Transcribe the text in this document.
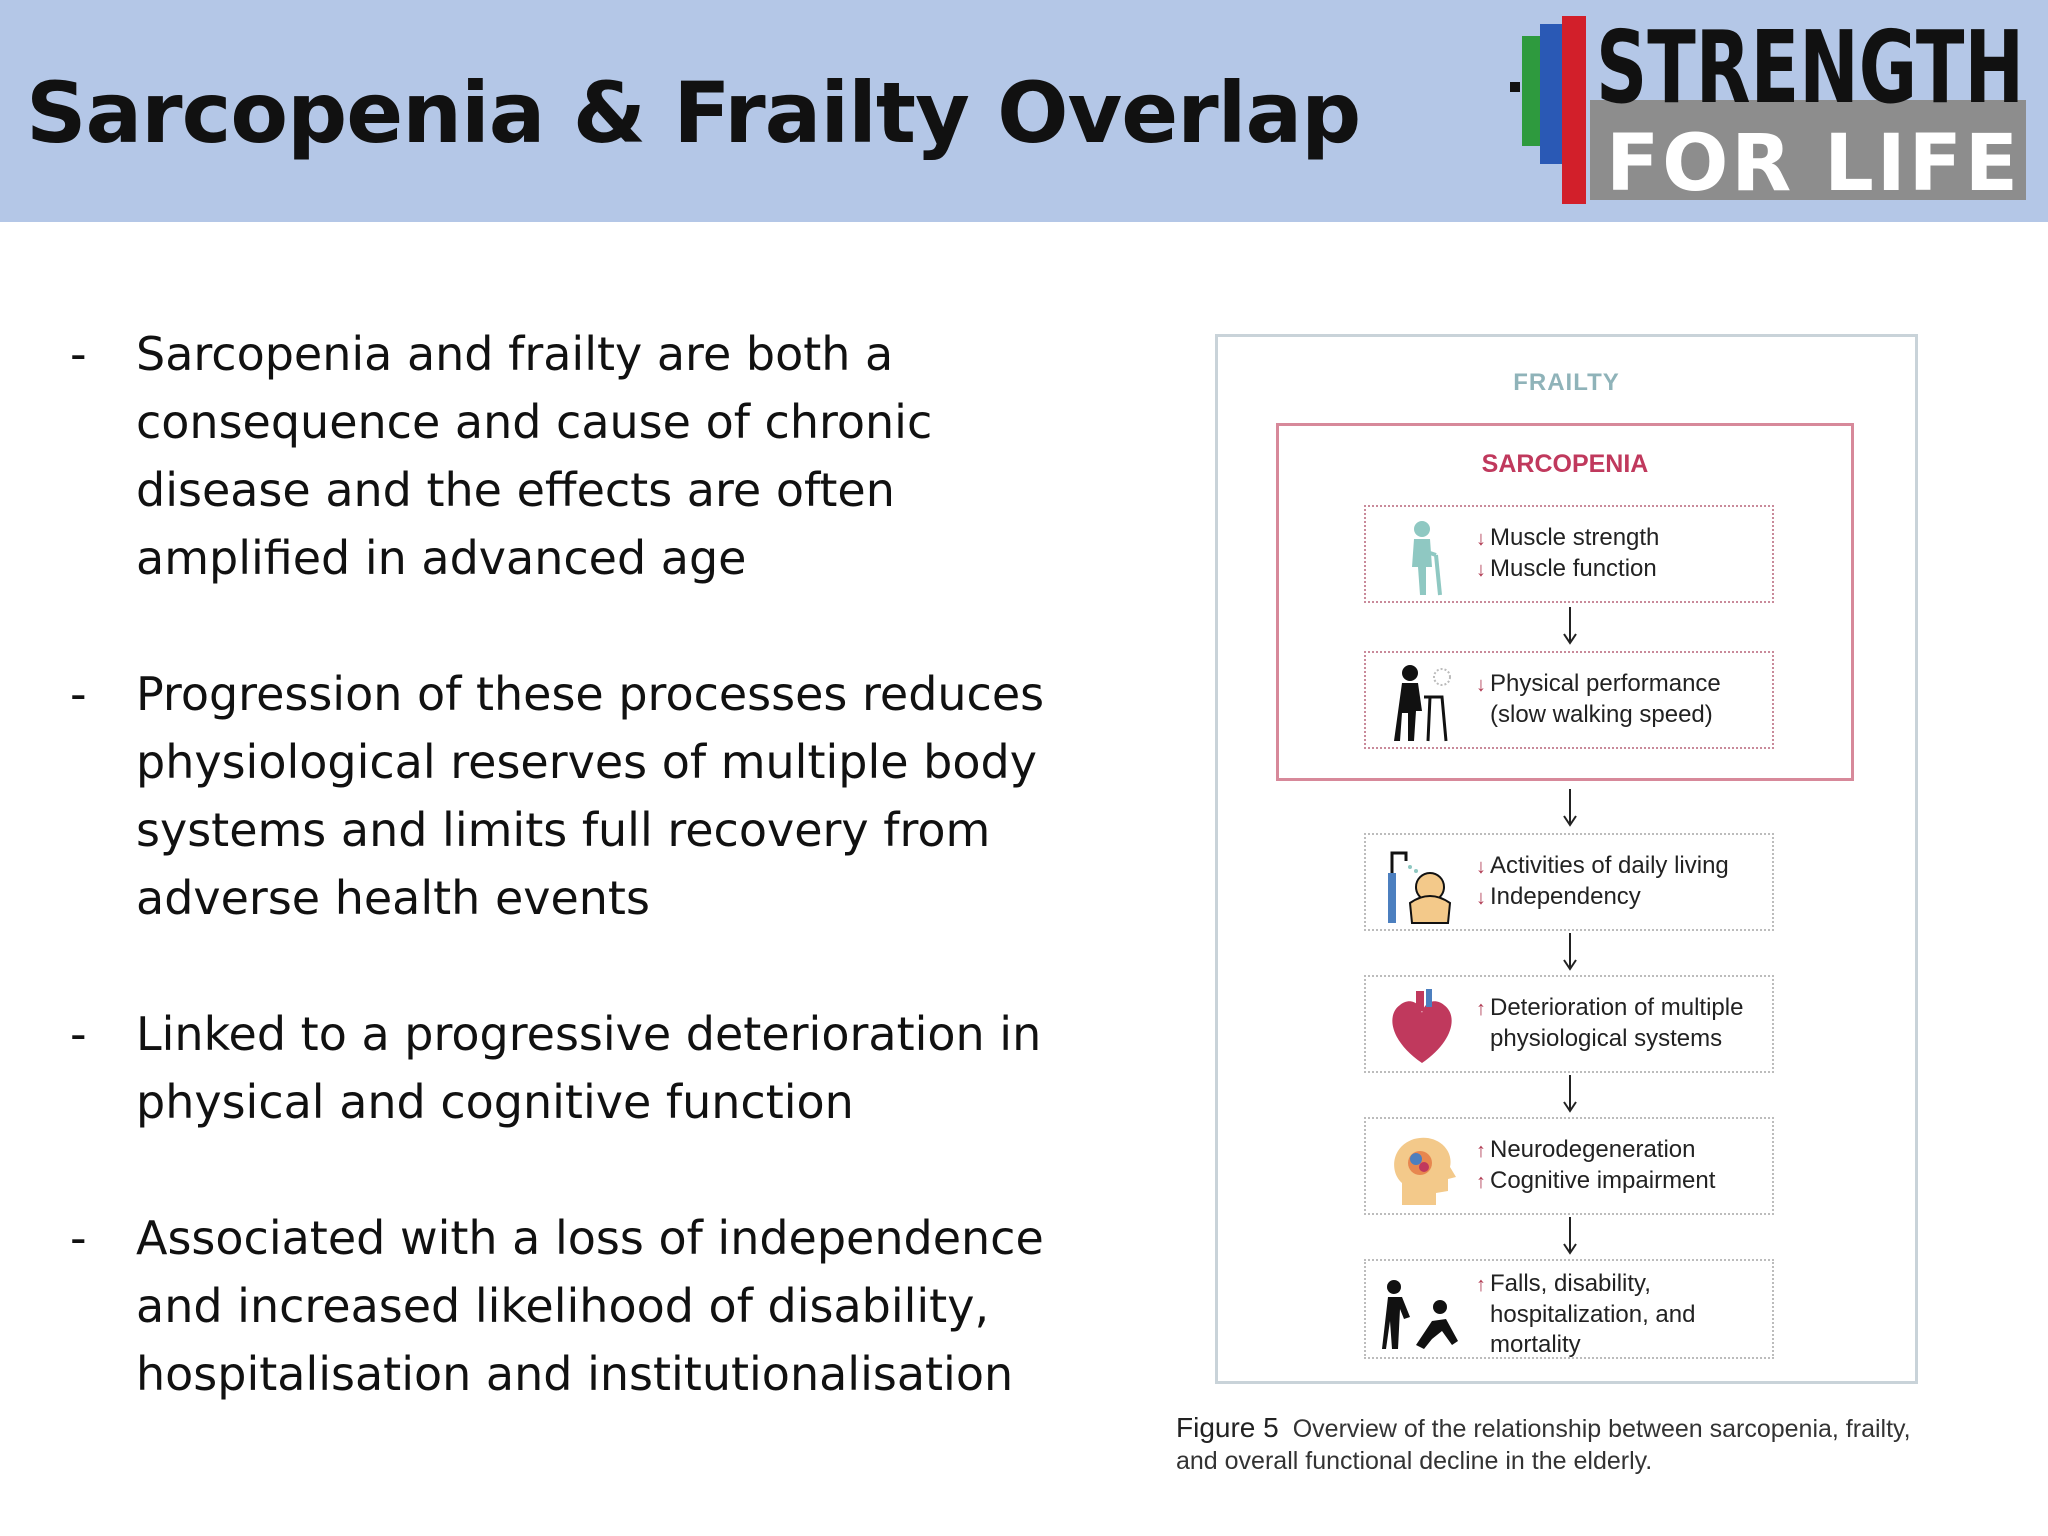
Sarcopenia & Frailty Overlap STRENGTH
FOR LIFE
- Sarcopenia and frailty are both a consequence and cause of chronic disease and the effects are often amplified in advanced age
- Progression of these processes reduces physiological reserves of multiple body systems and limits full recovery from adverse health events
- Linked to a progressive deterioration in physical and cognitive function
- Associated with a loss of independence and increased likelihood of disability, hospitalisation and institutionalisation
FRAILTY
SARCOPENIA
↓ Muscle strength
↓ Muscle function
↓ Physical performance
(slow walking speed)
↓ Activities of daily living
↓ Independency
↑ Deterioration of multiple
physiological systems
↑ Neurodegeneration
↑ Cognitive impairment
↑ Falls, disability,
hospitalization, and
mortality
Figure 5 Overview of the relationship between sarcopenia, frailty, and overall functional decline in the elderly.
